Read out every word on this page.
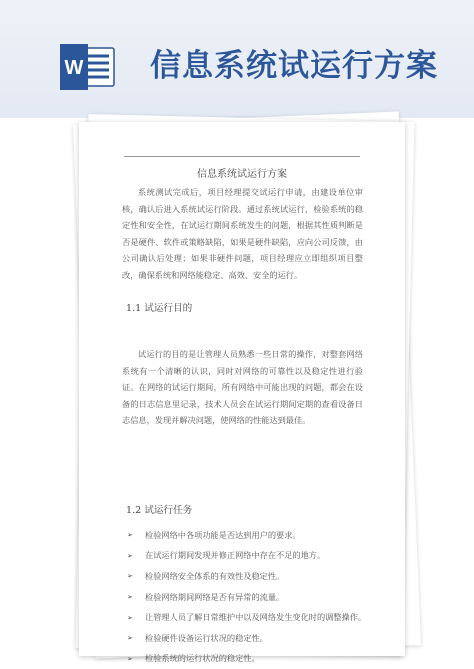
W 信息系统试运行方案
信息系统试运行方案
系统测试完成后，项目经理提交试运行申请，由建设单位审核，确认后进入系统试运行阶段。通过系统试运行，检验系统的稳定性和安全性，在试运行期间系统发生的问题，根据其性质判断是否是硬件、软件或策略缺陷，如果是硬件缺陷，应向公司反馈，由公司确认后处理；如果非硬件问题，项目经理应立即组织项目整改，确保系统和网络能稳定、高效、安全的运行。
1.1 试运行目的
试运行的目的是让管理人员熟悉一些日常的操作，对整套网络系统有一个清晰的认识，同时对网络的可靠性以及稳定性进行验证。在网络的试运行期间，所有网络中可能出现的问题，都会在设备的日志信息里记录，技术人员会在试运行期间定期的查看设备日志信息，发现并解决问题，使网络的性能达到最佳。
1.2 试运行任务
➢	检验网络中各项功能是否达到用户的要求。
➢	在试运行期间发现并修正网络中存在不足的地方。
➢	检验网络安全体系的有效性及稳定性。
➢	检验网络期间网络是否有异常的流量。
➢	让管理人员了解日常维护中以及网络发生变化时的调整操作。
➢	检验硬件设备运行状况的稳定性。
➢	检验系统的运行状况的稳定性。
